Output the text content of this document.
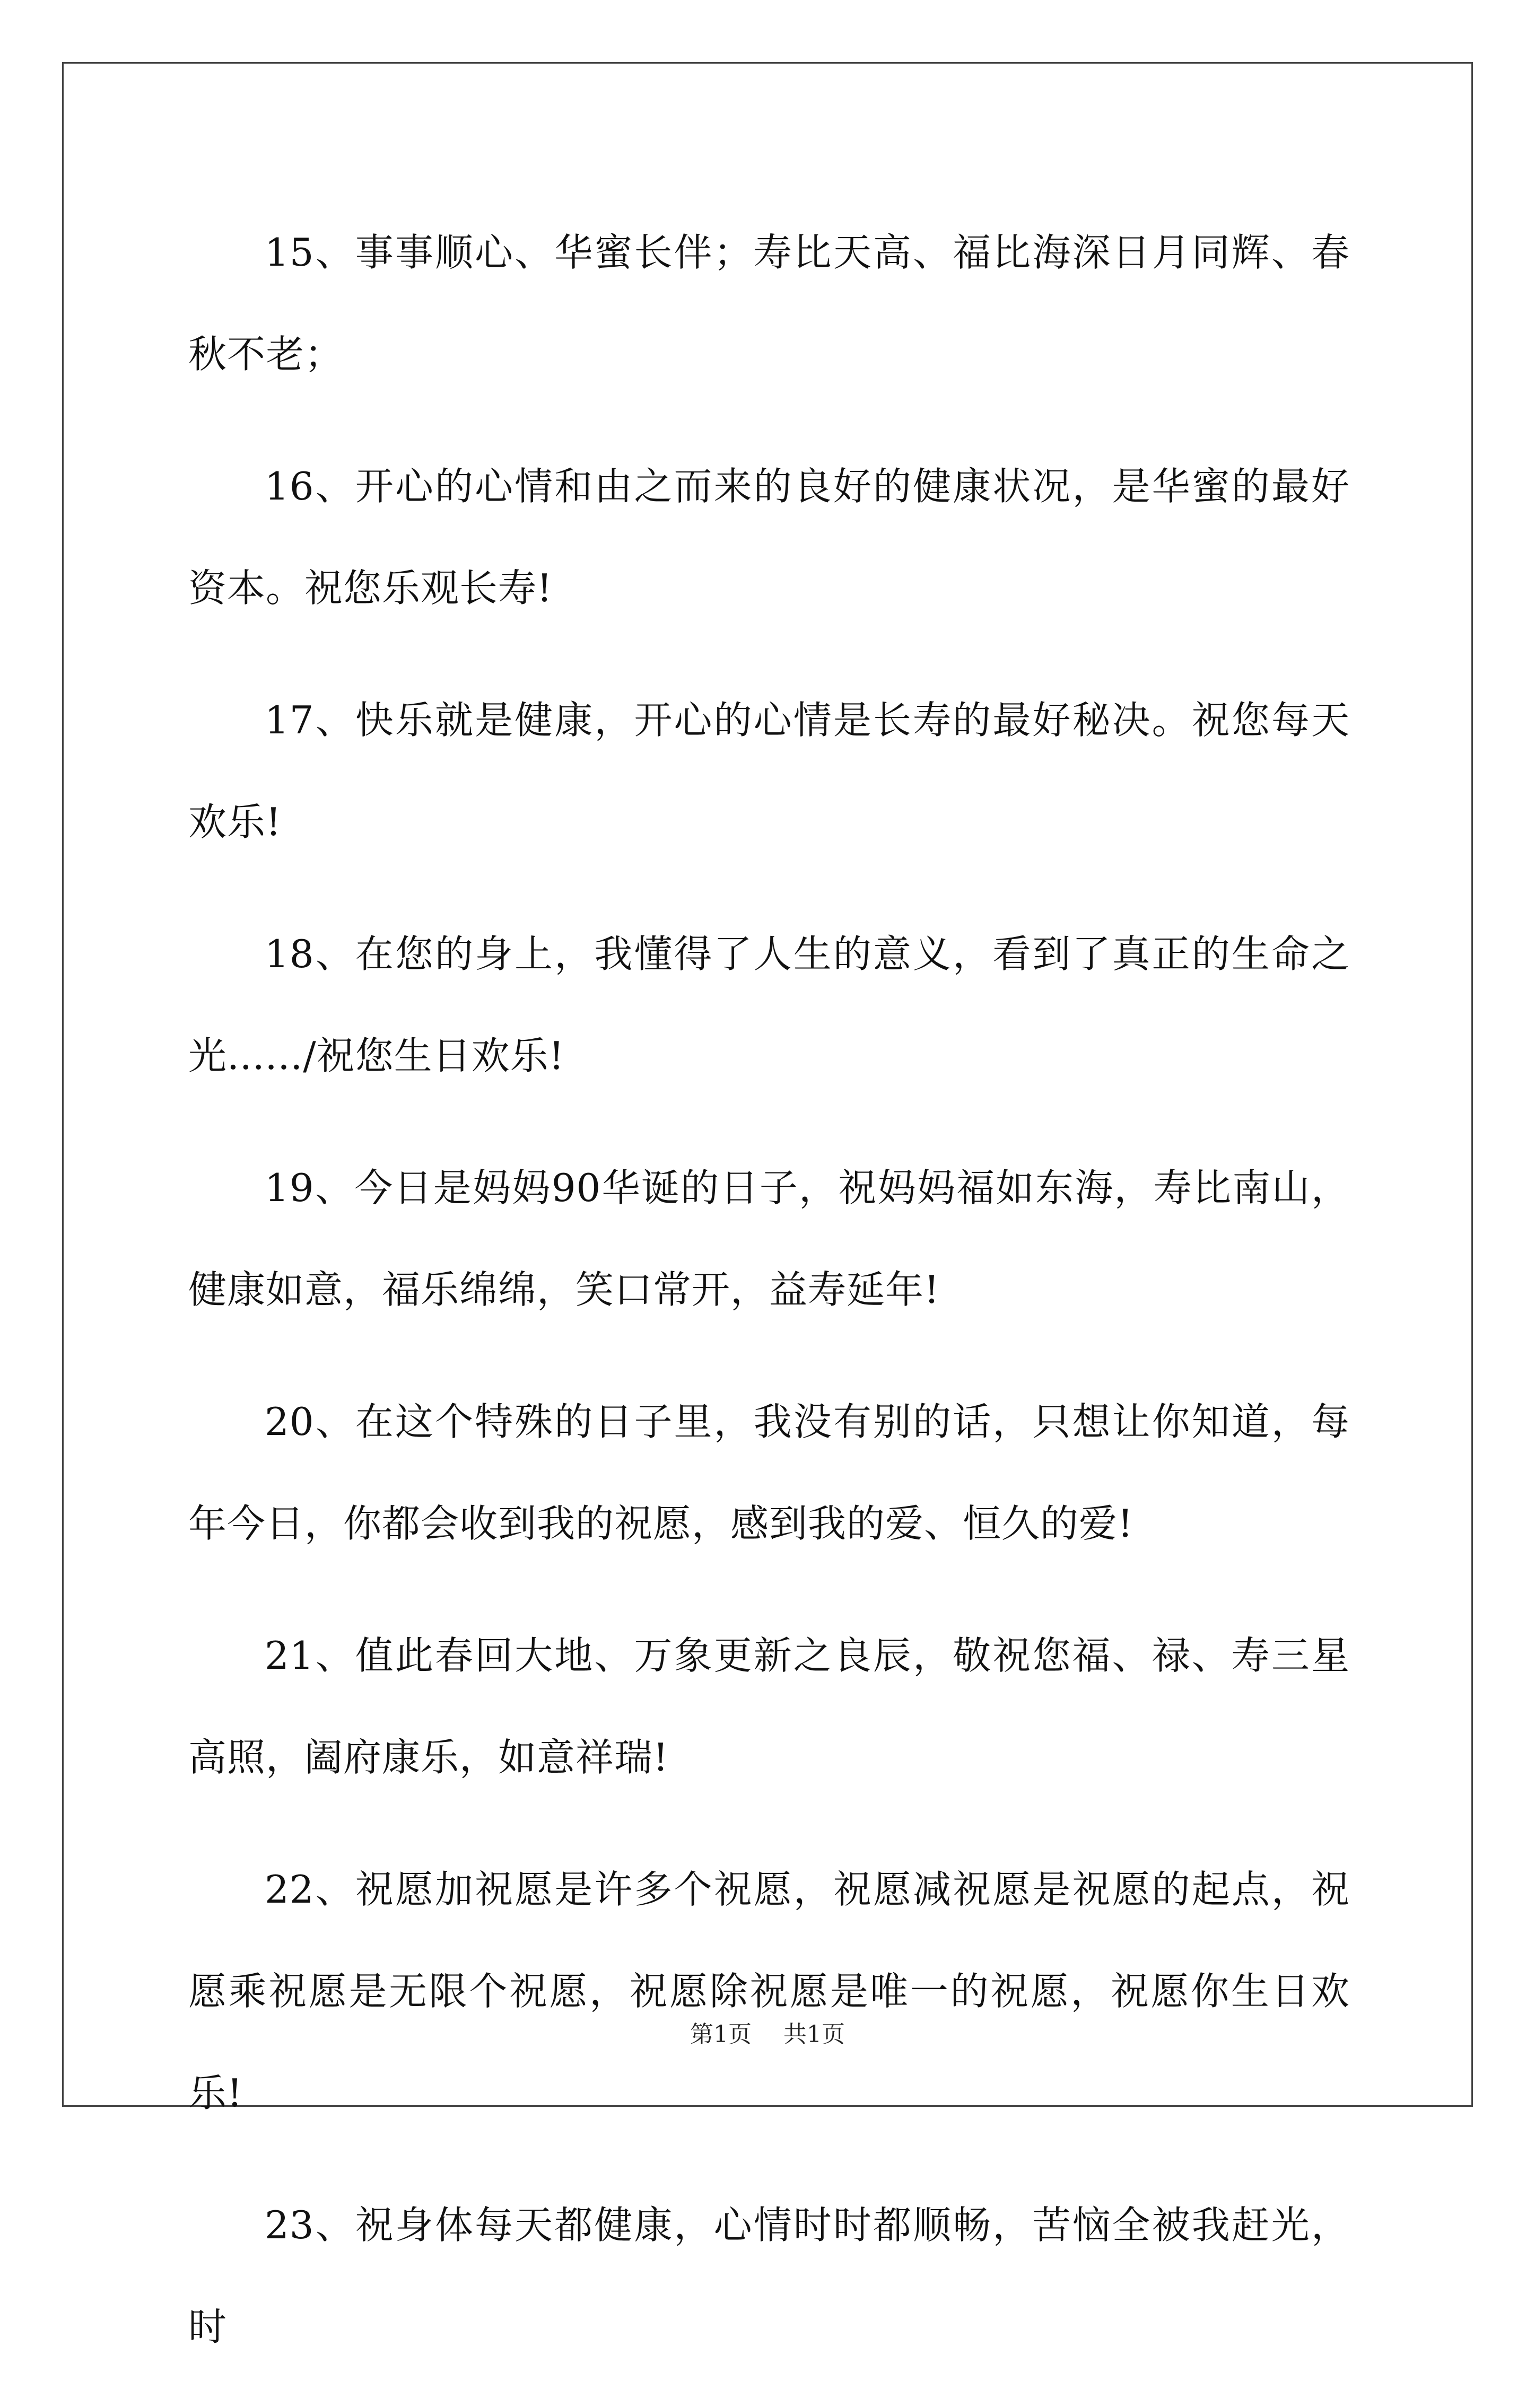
15、事事顺心、华蜜长伴；寿比天高、福比海深日月同辉、春秋不老；

16、开心的心情和由之而来的良好的健康状况，是华蜜的最好资本。祝您乐观长寿!

17、快乐就是健康，开心的心情是长寿的最好秘决。祝您每天欢乐!

18、在您的身上，我懂得了人生的意义，看到了真正的生命之光....../祝您生日欢乐!

19、今日是妈妈90华诞的日子，祝妈妈福如东海，寿比南山，健康如意，福乐绵绵，笑口常开，益寿延年!

20、在这个特殊的日子里，我没有别的话，只想让你知道，每年今日，你都会收到我的祝愿，感到我的爱、恒久的爱!

21、值此春回大地、万象更新之良辰，敬祝您福、禄、寿三星高照，阖府康乐，如意祥瑞!

22、祝愿加祝愿是许多个祝愿，祝愿减祝愿是祝愿的起点，祝愿乘祝愿是无限个祝愿，祝愿除祝愿是唯一的祝愿，祝愿你生日欢乐!

23、祝身体每天都健康，心情时时都顺畅，苦恼全被我赶光，时

第1页 共1页
